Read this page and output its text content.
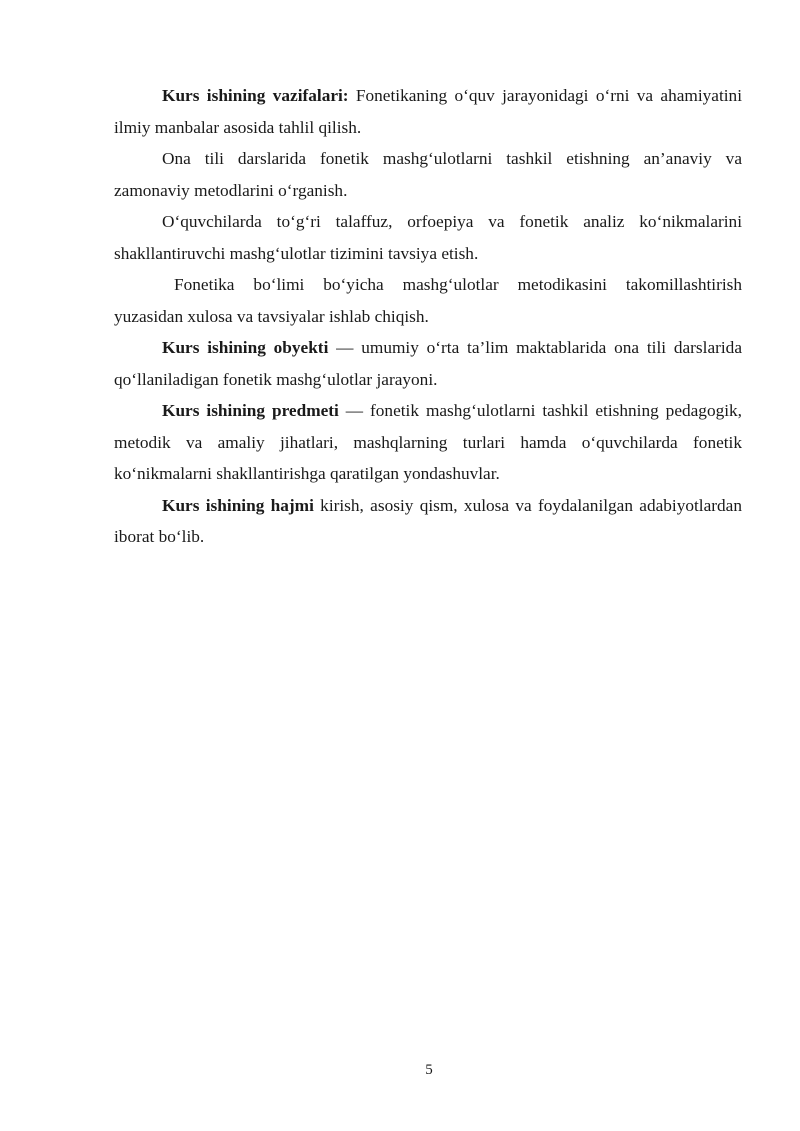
Kurs ishining vazifalari: Fonetikaning o‘quv jarayonidagi o‘rni va ahamiyatini ilmiy manbalar asosida tahlil qilish.

Ona tili darslarida fonetik mashg‘ulotlarni tashkil etishning an’anaviy va zamonaviy metodlarini o‘rganish.

O‘quvchilarda to‘g‘ri talaffuz, orfoepiya va fonetik analiz ko‘nikmalarini shakllantiruvchi mashg‘ulotlar tizimini tavsiya etish.

Fonetika bo‘limi bo‘yicha mashg‘ulotlar metodikasini takomillashtirish yuzasidan xulosa va tavsiyalar ishlab chiqish.

Kurs ishining obyekti — umumiy o‘rta ta’lim maktablarida ona tili darslarida qo‘llaniladigan fonetik mashg‘ulotlar jarayoni.

Kurs ishining predmeti — fonetik mashg‘ulotlarni tashkil etishning pedagogik, metodik va amaliy jihatlari, mashqlarning turlari hamda o‘quvchilarda fonetik ko‘nikmalarni shakllantirishga qaratilgan yondashuvlar.

Kurs ishining hajmi kirish, asosiy qism, xulosa va foydalanilgan adabiyotlardan iborat bo‘lib.

5
